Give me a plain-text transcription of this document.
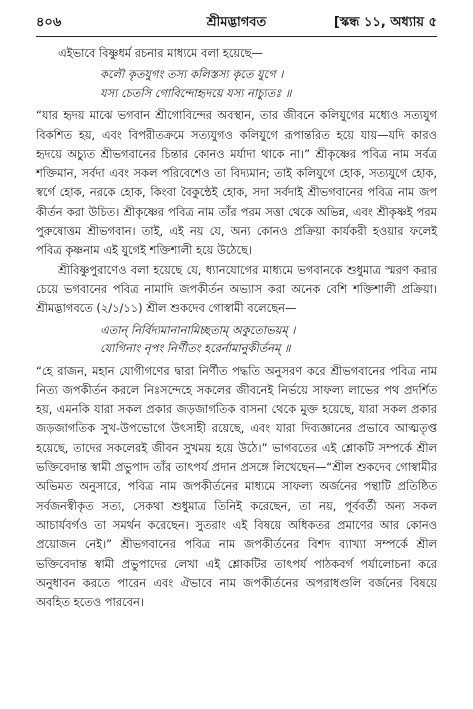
৪০৬	শ্রীমদ্ভাগবত	[স্কন্ধ ১১, অধ্যায় ৫

এইভাবে বিষ্ণুধর্ম রচনার মাধ্যমে বলা হয়েছে—

কলৌ কৃতযুগং তস্য কলিস্তস্য কৃতে যুগে ।
যস্য চেতসি গোবিন্দোহৃদয়ে যস্য নাচ্যুতঃ ॥

“যার হৃদয় মাঝে ভগবান শ্রীগোবিন্দের অবস্থান, তার জীবনে কলিযুগের মধ্যেও সত্যযুগ বিকশিত হয়, এবং বিপরীতক্রমে সত্যযুগও কলিযুগে রূপান্তরিত হয়ে যায়—যদি কারও হৃদয়ে অচ্যুত শ্রীভগবানের চিন্তার কোনও মর্যাদা থাকে না।” শ্রীকৃষ্ণের পবিত্র নাম সর্বত্র শক্তিমান, সর্বদা এবং সকল পরিবেশেও তা বিদ্যমান; তাই কলিযুগে হোক, সত্যযুগে হোক, স্বর্গে হোক, নরকে হোক, কিংবা বৈকুন্ঠেই হোক, সদা সর্বদাই শ্রীভগবানের পবিত্র নাম জপ কীর্তন করা উচিত। শ্রীকৃষ্ণের পবিত্র নাম তাঁর পরম সত্তা থেকে অভিন্ন, এবং শ্রীকৃষ্ণই পরম পুরুষোত্তম শ্রীভগবান। তাই, এই নয় যে, অন্য কোনও প্রক্রিয়া কার্যকরী হওয়ার ফলেই পবিত্র কৃষ্ণনাম এই যুগেই শক্তিশালী হয়ে উঠেছে।

শ্রীবিষ্ণুপুরাণেও বলা হয়েছে যে, ধ্যানযোগের মাধ্যমে ভগবানকে শুধুমাত্র স্মরণ করার চেয়ে ভগবানের পবিত্র নামাদি জপকীর্তন অভ্যাস করা অনেক বেশি শক্তিশালী প্রক্রিয়া। শ্রীমদ্ভাগবতে (২/১/১১) শ্রীল শুকদেব গোস্বামী বলেছেন—

এতান্ নির্বিদ্যমানানামিচ্ছতাম্ অকুতোভয়ম্ ।
যোগিনাং নৃপং নির্ণীতং হরের্নামানুকীর্তনম্ ॥

“হে রাজন, মহান যোগীগণের দ্বারা নির্ণীত পদ্ধতি অনুসরণ করে শ্রীভগবানের পবিত্র নাম নিত্য জপকীর্তন করলে নিঃসন্দেহে সকলের জীবনেই নির্ভয়ে সাফল্য লাভের পথ প্রদর্শিত হয়, এমনকি যারা সকল প্রকার জড়জাগতিক বাসনা থেকে মুক্ত হয়েছে, যারা সকল প্রকার জড়জাগতিক সুখ-উপভোগে উৎসাহী রয়েছে, এবং যারা দিব্যজ্ঞানের প্রভাবে আত্মতৃপ্ত হয়েছে, তাদের সকলেরই জীবন সুখময় হয়ে উঠে।” ভাগবতের এই শ্লোকটি সম্পর্কে শ্রীল ভক্তিবেদান্ত স্বামী প্রভুপাদ তাঁর তাৎপর্য প্রদান প্রসঙ্গে লিখেছেন—“শ্রীল শুকদেব গোস্বামীর অভিমত অনুসারে, পবিত্র নাম জপকীর্তনের মাধ্যমে সাফল্য অর্জনের পন্থাটি প্রতিষ্ঠিত সর্বজনস্বীকৃত সত্য, সেকথা শুধুমাত্র তিনিই করেছেন, তা নয়, পূর্ববর্তী অন্য সকল আচার্যবর্গও তা সমর্থন করেছেন। সুতরাং এই বিষয়ে অধিকতর প্রমাণের আর কোনও প্রয়োজন নেই।” শ্রীভগবানের পবিত্র নাম জপকীর্তনের বিশদ ব্যাখ্যা সম্পর্কে শ্রীল ভক্তিবেদান্ত স্বামী প্রভুপাদের লেখা এই শ্লোকটির তাৎপর্য পাঠকবর্গ পর্যালোচনা করে অনুধাবন করতে পারেন এবং ঐভাবে নাম জপকীর্তনের অপরাধগুলি বর্জনের বিষয়ে অবহিত হতেও পারবেন।
